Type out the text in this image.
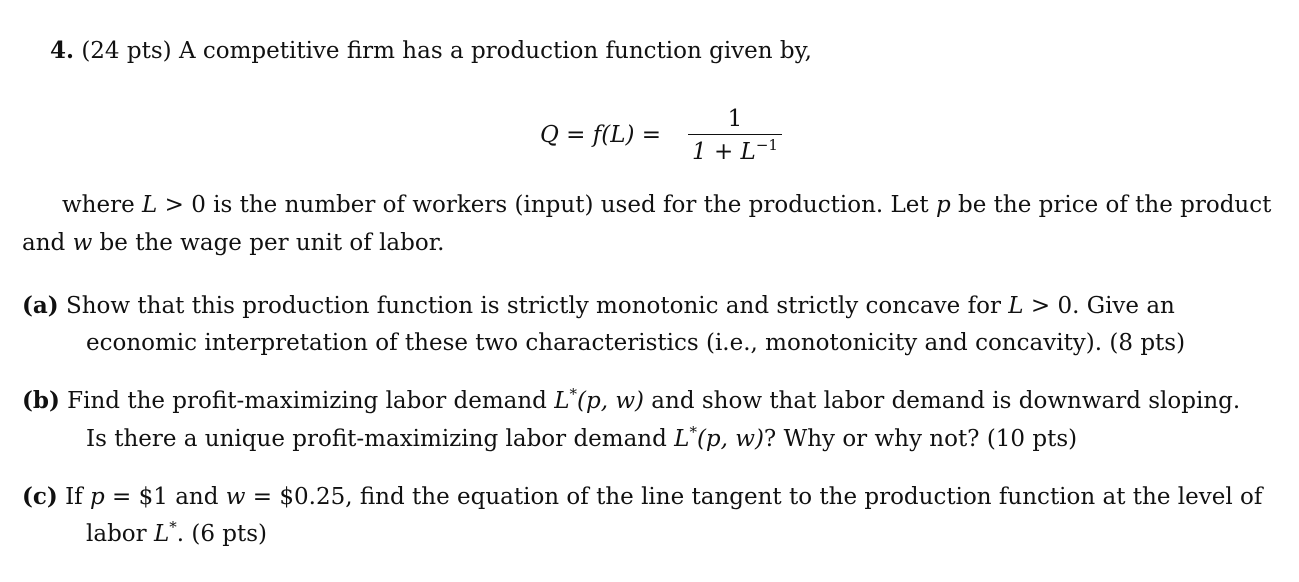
4. (24 pts) A competitive firm has a production function given by,
Q = f(L) =
1
$1 + L^{-1}$
where L > 0 is the number of workers (input) used for the production. Let p be the price of the product
and w be the wage per unit of labor.
(a) Show that this production function is strictly monotonic and strictly concave for L > 0. Give an
economic interpretation of these two characteristics (i.e., monotonicity and concavity). (8 pts)
(b) Find the profit-maximizing labor demand L*(p, w) and show that labor demand is downward sloping.
Is there a unique profit-maximizing labor demand L*(p, w)? Why or why not? (10 pts)
(c) If p = $1 and w = $0.25, find the equation of the line tangent to the production function at the level of
labor L*. (6 pts)
